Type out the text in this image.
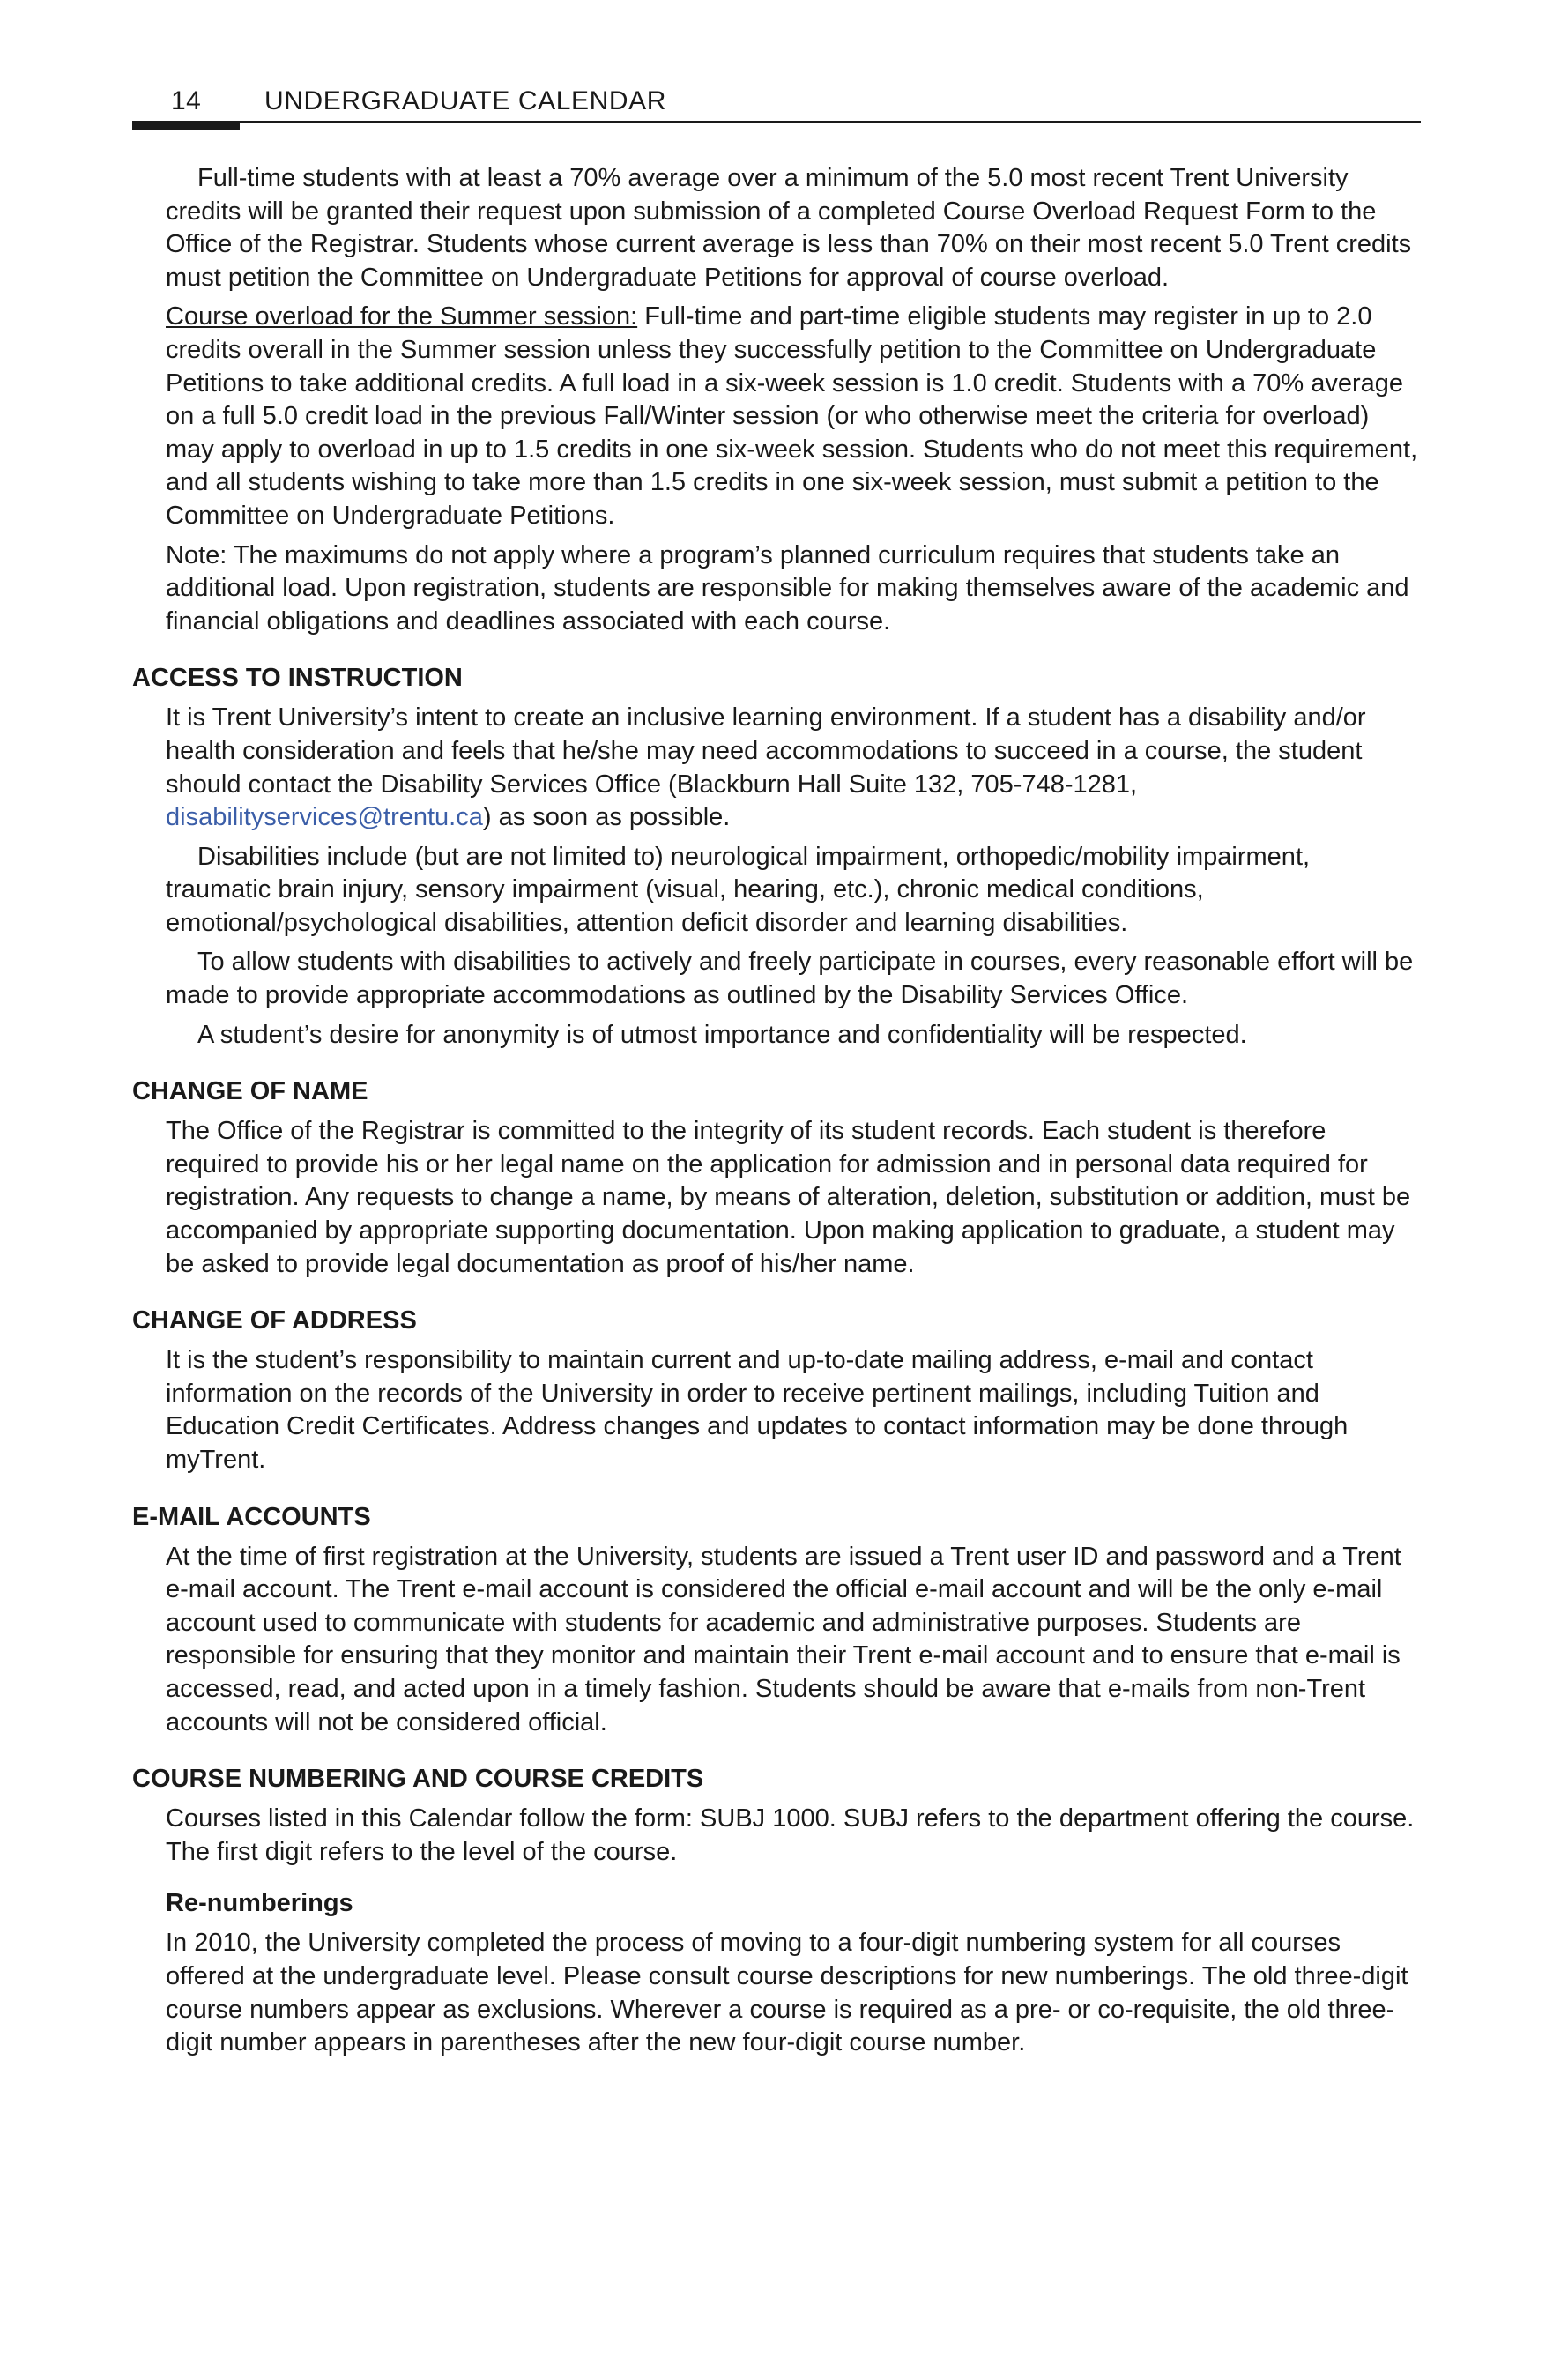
14 UNDERGRADUATE CALENDAR

Full-time students with at least a 70% average over a minimum of the 5.0 most recent Trent University credits will be granted their request upon submission of a completed Course Overload Request Form to the Office of the Registrar. Students whose current average is less than 70% on their most recent 5.0 Trent credits must petition the Committee on Undergraduate Petitions for approval of course overload.

Course overload for the Summer session: Full-time and part-time eligible students may register in up to 2.0 credits overall in the Summer session unless they successfully petition to the Committee on Undergraduate Petitions to take additional credits. A full load in a six-week session is 1.0 credit. Students with a 70% average on a full 5.0 credit load in the previous Fall/Winter session (or who otherwise meet the criteria for overload) may apply to overload in up to 1.5 credits in one six-week session. Students who do not meet this requirement, and all students wishing to take more than 1.5 credits in one six-week session, must submit a petition to the Committee on Undergraduate Petitions.

Note: The maximums do not apply where a program’s planned curriculum requires that students take an additional load. Upon registration, students are responsible for making themselves aware of the academic and financial obligations and deadlines associated with each course.

ACCESS TO INSTRUCTION

It is Trent University’s intent to create an inclusive learning environment. If a student has a disability and/or health consideration and feels that he/she may need accommodations to succeed in a course, the student should contact the Disability Services Office (Blackburn Hall Suite 132, 705-748-1281, disabilityservices@trentu.ca) as soon as possible.

Disabilities include (but are not limited to) neurological impairment, orthopedic/mobility impairment, traumatic brain injury, sensory impairment (visual, hearing, etc.), chronic medical conditions, emotional/psychological disabilities, attention deficit disorder and learning disabilities.

To allow students with disabilities to actively and freely participate in courses, every reasonable effort will be made to provide appropriate accommodations as outlined by the Disability Services Office.

A student’s desire for anonymity is of utmost importance and confidentiality will be respected.

CHANGE OF NAME

The Office of the Registrar is committed to the integrity of its student records. Each student is therefore required to provide his or her legal name on the application for admission and in personal data required for registration. Any requests to change a name, by means of alteration, deletion, substitution or addition, must be accompanied by appropriate supporting documentation. Upon making application to graduate, a student may be asked to provide legal documentation as proof of his/her name.

CHANGE OF ADDRESS

It is the student’s responsibility to maintain current and up-to-date mailing address, e-mail and contact information on the records of the University in order to receive pertinent mailings, including Tuition and Education Credit Certificates. Address changes and updates to contact information may be done through myTrent.

E-MAIL ACCOUNTS

At the time of first registration at the University, students are issued a Trent user ID and password and a Trent e-mail account. The Trent e-mail account is considered the official e-mail account and will be the only e-mail account used to communicate with students for academic and administrative purposes. Students are responsible for ensuring that they monitor and maintain their Trent e-mail account and to ensure that e-mail is accessed, read, and acted upon in a timely fashion. Students should be aware that e-mails from non-Trent accounts will not be considered official.

COURSE NUMBERING AND COURSE CREDITS

Courses listed in this Calendar follow the form: SUBJ 1000. SUBJ refers to the department offering the course. The first digit refers to the level of the course.

Re-numberings

In 2010, the University completed the process of moving to a four-digit numbering system for all courses offered at the undergraduate level. Please consult course descriptions for new numberings. The old three-digit course numbers appear as exclusions. Wherever a course is required as a pre- or co-requisite, the old three-digit number appears in parentheses after the new four-digit course number.
